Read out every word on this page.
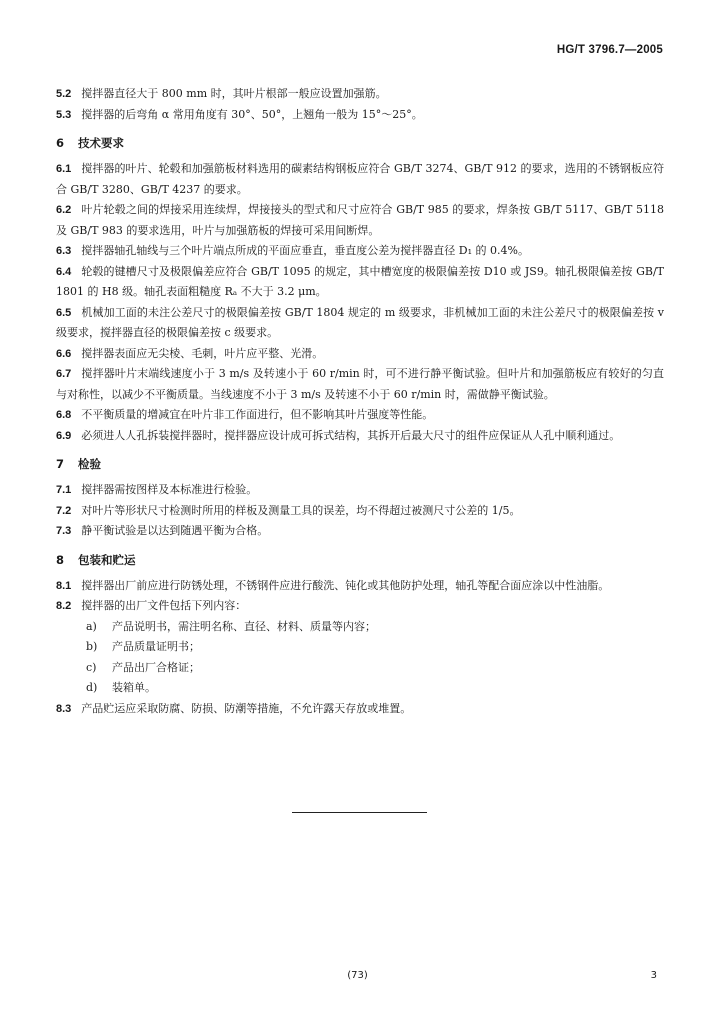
HG/T 3796.7—2005

5.2 搅拌器直径大于 800 mm 时，其叶片根部一般应设置加强筋。

5.3 搅拌器的后弯角 α 常用角度有 30°、50°，上翘角一般为 15°～25°。

6 技术要求

6.1 搅拌器的叶片、轮毂和加强筋板材料选用的碳素结构钢板应符合 GB/T 3274、GB/T 912 的要求，选用的不锈钢板应符合 GB/T 3280、GB/T 4237 的要求。

6.2 叶片轮毂之间的焊接采用连续焊，焊接接头的型式和尺寸应符合 GB/T 985 的要求，焊条按 GB/T 5117、GB/T 5118 及 GB/T 983 的要求选用，叶片与加强筋板的焊接可采用间断焊。

6.3 搅拌器轴孔轴线与三个叶片端点所成的平面应垂直，垂直度公差为搅拌器直径 D₁ 的 0.4%。

6.4 轮毂的键槽尺寸及极限偏差应符合 GB/T 1095 的规定，其中槽宽度的极限偏差按 D10 或 JS9。轴孔极限偏差按 GB/T 1801 的 H8 级。轴孔表面粗糙度 Rₐ 不大于 3.2 μm。

6.5 机械加工面的未注公差尺寸的极限偏差按 GB/T 1804 规定的 m 级要求，非机械加工面的未注公差尺寸的极限偏差按 v 级要求，搅拌器直径的极限偏差按 c 级要求。

6.6 搅拌器表面应无尖棱、毛刺，叶片应平整、光滑。

6.7 搅拌器叶片末端线速度小于 3 m/s 及转速小于 60 r/min 时，可不进行静平衡试验。但叶片和加强筋板应有较好的匀直与对称性，以减少不平衡质量。当线速度不小于 3 m/s 及转速不小于 60 r/min 时，需做静平衡试验。

6.8 不平衡质量的增减宜在叶片非工作面进行，但不影响其叶片强度等性能。

6.9 必须进人人孔拆装搅拌器时，搅拌器应设计成可拆式结构，其拆开后最大尺寸的组件应保证从人孔中顺利通过。

7 检验

7.1 搅拌器需按图样及本标准进行检验。

7.2 对叶片等形状尺寸检测时所用的样板及测量工具的误差，均不得超过被测尺寸公差的 1/5。

7.3 静平衡试验是以达到随遇平衡为合格。

8 包装和贮运

8.1 搅拌器出厂前应进行防锈处理，不锈钢件应进行酸洗、钝化或其他防护处理，轴孔等配合面应涂以中性油脂。

8.2 搅拌器的出厂文件包括下列内容：

a) 产品说明书，需注明名称、直径、材料、质量等内容；
b) 产品质量证明书；
c) 产品出厂合格证；
d) 装箱单。

8.3 产品贮运应采取防腐、防损、防潮等措施，不允许露天存放或堆置。

(73)	3
